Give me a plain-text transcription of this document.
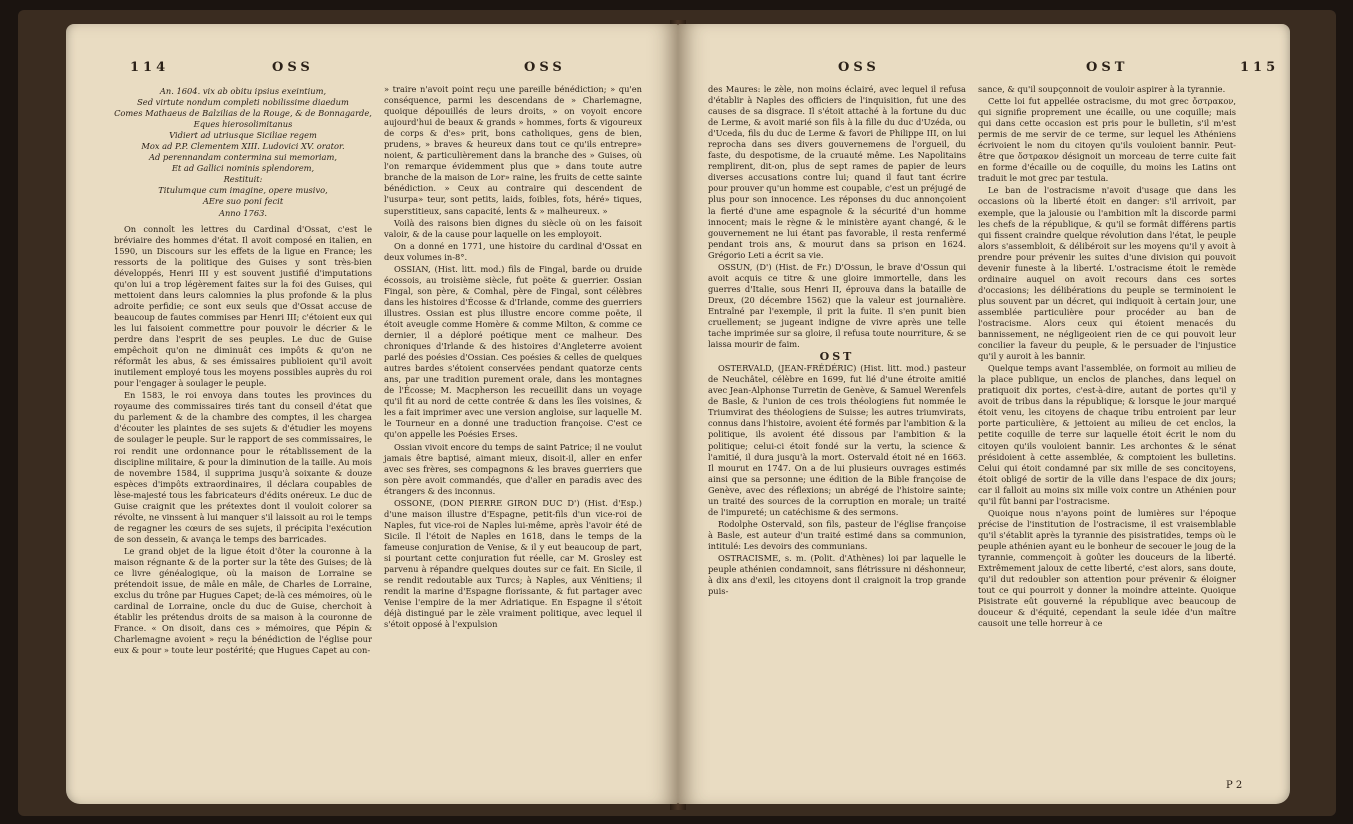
114	OSS	OSS

An. 1604. vix ab obitu ipsius exeintium,

Sed virtute nondum completi nobilissime diaedum

Comes Mathaeus de Balzilias de la Rouge, & de Bonnagarde,

Eques hierosolimitanus

Vidiert ad utriusque Siciliae regem

Mox ad P.P. Clementem XIII. Ludovici XV. orator.

Ad perennandam contermina sui memoriam,

Et ad Gallici nominis splendorem,

Restituit:

Titulumque cum imagine, opere musivo,

AEre suo poni fecit

Anno 1763.

On connoît les lettres du Cardinal d'Ossat, c'est le bréviaire des hommes d'état. Il avoit composé en italien, en 1590, un Discours sur les effets de la ligue en France; les ressorts de la politique des Guises y sont très-bien développés, Henri III y est souvent justifié d'imputations qu'on lui a trop légèrement faites sur la foi des Guises, qui mettoient dans leurs calomnies la plus profonde & la plus adroite perfidie; ce sont eux seuls que d'Ossat accuse de beaucoup de fautes commises par Henri III; c'étoient eux qui les lui faisoient commettre pour pouvoir le décrier & le perdre dans l'esprit de ses peuples. Le duc de Guise empêchoit qu'on ne diminuât ces impôts & qu'on ne réformât les abus, & ses émissaires publioient qu'il avoit inutilement employé tous les moyens possibles auprès du roi pour l'engager à soulager le peuple.

En 1583, le roi envoya dans toutes les provinces du royaume des commissaires tirés tant du conseil d'état que du parlement & de la chambre des comptes, il les chargea d'écouter les plaintes de ses sujets & d'étudier les moyens de soulager le peuple. Sur le rapport de ses commissaires, le roi rendit une ordonnance pour le rétablissement de la discipline militaire, & pour la diminution de la taille. Au mois de novembre 1584, il supprima jusqu'à soixante & douze espèces d'impôts extraordinaires, il déclara coupables de lèse-majesté tous les fabricateurs d'édits onéreux. Le duc de Guise craignit que les prétextes dont il vouloit colorer sa révolte, ne vinssent à lui manquer s'il laissoit au roi le temps de regagner les cœurs de ses sujets, il précipita l'exécution de son dessein, & avança le temps des barricades.

Le grand objet de la ligue étoit d'ôter la couronne à la maison régnante & de la porter sur la tête des Guises; de là ce livre généalogique, où la maison de Lorraine se prétendoit issue, de mâle en mâle, de Charles de Lorraine, exclus du trône par Hugues Capet; de-là ces mémoires, où le cardinal de Lorraine, oncle du duc de Guise, cherchoit à établir les prétendus droits de sa maison à la couronne de France. « On disoit, dans ces » mémoires, que Pépin & Charlemagne avoient » reçu la bénédiction de l'église pour eux & pour » toute leur postérité; que Hugues Capet au con-

» traire n'avoit point reçu une pareille bénédiction; » qu'en conséquence, parmi les descendans de » Charlemagne, quoique dépouillés de leurs droits, » on voyoit encore aujourd'hui de beaux & grands » hommes, forts & vigoureux de corps & d'es» prit, bons catholiques, gens de bien, prudens, » braves & heureux dans tout ce qu'ils entrepre» noient, & particulièrement dans la branche des » Guises, où l'on remarque évidemment plus que » dans toute autre branche de la maison de Lor» raine, les fruits de cette sainte bénédiction. » Ceux au contraire qui descendent de l'usurpa» teur, sont petits, laids, foibles, fots, héré» tiques, superstitieux, sans capacité, lents & » malheureux. »

Voilà des raisons bien dignes du siècle où on les faisoit valoir, & de la cause pour laquelle on les employoit.

On a donné en 1771, une histoire du cardinal d'Ossat en deux volumes in-8°.

OSSIAN, (Hist. litt. mod.) fils de Fingal, barde ou druide écossois, au troisième siècle, fut poëte & guerrier. Ossian Fingal, son père, & Comhal, père de Fingal, sont célèbres dans les histoires d'Écosse & d'Irlande, comme des guerriers illustres. Ossian est plus illustre encore comme poëte, il étoit aveugle comme Homère & comme Milton, & comme ce dernier, il a déploré poétique ment ce malheur. Des chroniques d'Irlande & des histoires d'Angleterre avoient parlé des poésies d'Ossian. Ces poésies & celles de quelques autres bardes s'étoient conservées pendant quatorze cents ans, par une tradition purement orale, dans les montagnes de l'Écosse; M. Macpherson les recueillit dans un voyage qu'il fit au nord de cette contrée & dans les îles voisines, & les a fait imprimer avec une version angloise, sur laquelle M. le Tourneur en a donné une traduction françoise. C'est ce qu'on appelle les Poésies Erses.

Ossian vivoit encore du temps de saint Patrice; il ne voulut jamais être baptisé, aimant mieux, disoit-il, aller en enfer avec ses frères, ses compagnons & les braves guerriers que son père avoit commandés, que d'aller en paradis avec des étrangers & des inconnus.

OSSONE, (DON PIERRE GIRON DUC D') (Hist. d'Esp.) d'une maison illustre d'Espagne, petit-fils d'un vice-roi de Naples, fut vice-roi de Naples lui-même, après l'avoir été de Sicile. Il l'étoit de Naples en 1618, dans le temps de la fameuse conjuration de Venise, & il y eut beaucoup de part, si pourtant cette conjuration fut réelle, car M. Grosley est parvenu à répandre quelques doutes sur ce fait. En Sicile, il se rendit redoutable aux Turcs; à Naples, aux Vénitiens; il rendit la marine d'Espagne florissante, & fut partager avec Venise l'empire de la mer Adriatique. En Espagne il s'étoit déjà distingué par le zèle vraiment politique, avec lequel il s'étoit opposé à l'expulsion

OSS	OST	115

des Maures: le zèle, non moins éclairé, avec lequel il refusa d'établir à Naples des officiers de l'inquisition, fut une des causes de sa disgrace. Il s'étoit attaché à la fortune du duc de Lerme, & avoit marié son fils à la fille du duc d'Uzéda, ou d'Uceda, fils du duc de Lerme & favori de Philippe III, on lui reprocha dans ses divers gouvernemens de l'orgueil, du faste, du despotisme, de la cruauté même. Les Napolitains remplirent, dit-on, plus de sept rames de papier de leurs diverses accusations contre lui; quand il faut tant écrire pour prouver qu'un homme est coupable, c'est un préjugé de plus pour son innocence. Les réponses du duc annonçoient la fierté d'une ame espagnole & la sécurité d'un homme innocent; mais le règne & le ministère ayant changé, & le gouvernement ne lui étant pas favorable, il resta renfermé pendant trois ans, & mourut dans sa prison en 1624. Grégorio Leti a écrit sa vie.

OSSUN, (D') (Hist. de Fr.) D'Ossun, le brave d'Ossun qui avoit acquis ce titre & une gloire immortelle, dans les guerres d'Italie, sous Henri II, éprouva dans la bataille de Dreux, (20 décembre 1562) que la valeur est journalière. Entraîné par l'exemple, il prit la fuite. Il s'en punit bien cruellement; se jugeant indigne de vivre après une telle tache imprimée sur sa gloire, il refusa toute nourriture, & se laissa mourir de faim.

OST

OSTERVALD, (JEAN-FRÉDÉRIC) (Hist. litt. mod.) pasteur de Neuchâtel, célèbre en 1699, fut lié d'une étroite amitié avec Jean-Alphonse Turretin de Genève, & Samuel Werenfels de Basle, & l'union de ces trois théologiens fut nommée le Triumvirat des théologiens de Suisse; les autres triumvirats, connus dans l'histoire, avoient été formés par l'ambition & la politique, ils avoient été dissous par l'ambition & la politique; celui-ci étoit fondé sur la vertu, la science & l'amitié, il dura jusqu'à la mort. Ostervald étoit né en 1663. Il mourut en 1747. On a de lui plusieurs ouvrages estimés ainsi que sa personne; une édition de la Bible françoise de Genève, avec des réflexions; un abrégé de l'histoire sainte; un traité des sources de la corruption en morale; un traité de l'impureté; un catéchisme & des sermons.

Rodolphe Ostervald, son fils, pasteur de l'église françoise à Basle, est auteur d'un traité estimé dans sa communion, intitulé: Les devoirs des communians.

OSTRACISME, s. m. (Polit. d'Athènes) loi par laquelle le peuple athénien condamnoit, sans flétrissure ni déshonneur, à dix ans d'exil, les citoyens dont il craignoit la trop grande puis-

sance, & qu'il soupçonnoit de vouloir aspirer à la tyrannie.

Cette loi fut appellée ostracisme, du mot grec ὄστρακον, qui signifie proprement une écaille, ou une coquille; mais qui dans cette occasion est pris pour le bulletin, s'il m'est permis de me servir de ce terme, sur lequel les Athéniens écrivoient le nom du citoyen qu'ils vouloient bannir. Peut-être que ὄστρακον désignoit un morceau de terre cuite fait en forme d'écaille ou de coquille, du moins les Latins ont traduit le mot grec par testula.

Le ban de l'ostracisme n'avoit d'usage que dans les occasions où la liberté étoit en danger: s'il arrivoit, par exemple, que la jalousie ou l'ambition mît la discorde parmi les chefs de la république, & qu'il se formât différens partis qui fissent craindre quelque révolution dans l'état, le peuple alors s'assembloit, & délibéroit sur les moyens qu'il y avoit à prendre pour prévenir les suites d'une division qui pouvoit devenir funeste à la liberté. L'ostracisme étoit le remède ordinaire auquel on avoit recours dans ces sortes d'occasions; les délibérations du peuple se terminoient le plus souvent par un décret, qui indiquoit à certain jour, une assemblée particulière pour procéder au ban de l'ostracisme. Alors ceux qui étoient menacés du bannissement, ne négligeoient rien de ce qui pouvoit leur concilier la faveur du peuple, & le persuader de l'injustice qu'il y auroit à les bannir.

Quelque temps avant l'assemblée, on formoit au milieu de la place publique, un enclos de planches, dans lequel on pratiquoit dix portes, c'est-à-dire, autant de portes qu'il y avoit de tribus dans la république; & lorsque le jour marqué étoit venu, les citoyens de chaque tribu entroient par leur porte particulière, & jettoient au milieu de cet enclos, la petite coquille de terre sur laquelle étoit écrit le nom du citoyen qu'ils vouloient bannir. Les archontes & le sénat présidoient à cette assemblée, & comptoient les bulletins. Celui qui étoit condamné par six mille de ses concitoyens, étoit obligé de sortir de la ville dans l'espace de dix jours; car il falloit au moins six mille voix contre un Athénien pour qu'il fût banni par l'ostracisme.

Quoique nous n'ayons point de lumières sur l'époque précise de l'institution de l'ostracisme, il est vraisemblable qu'il s'établit après la tyrannie des pisistratides, temps où le peuple athénien ayant eu le bonheur de secouer le joug de la tyrannie, commençoit à goûter les douceurs de la liberté. Extrêmement jaloux de cette liberté, c'est alors, sans doute, qu'il dut redoubler son attention pour prévenir & éloigner tout ce qui pourroit y donner la moindre atteinte. Quoique Pisistrate eût gouverné la république avec beaucoup de douceur & d'équité, cependant la seule idée d'un maître causoit une telle horreur à ce

P 2
